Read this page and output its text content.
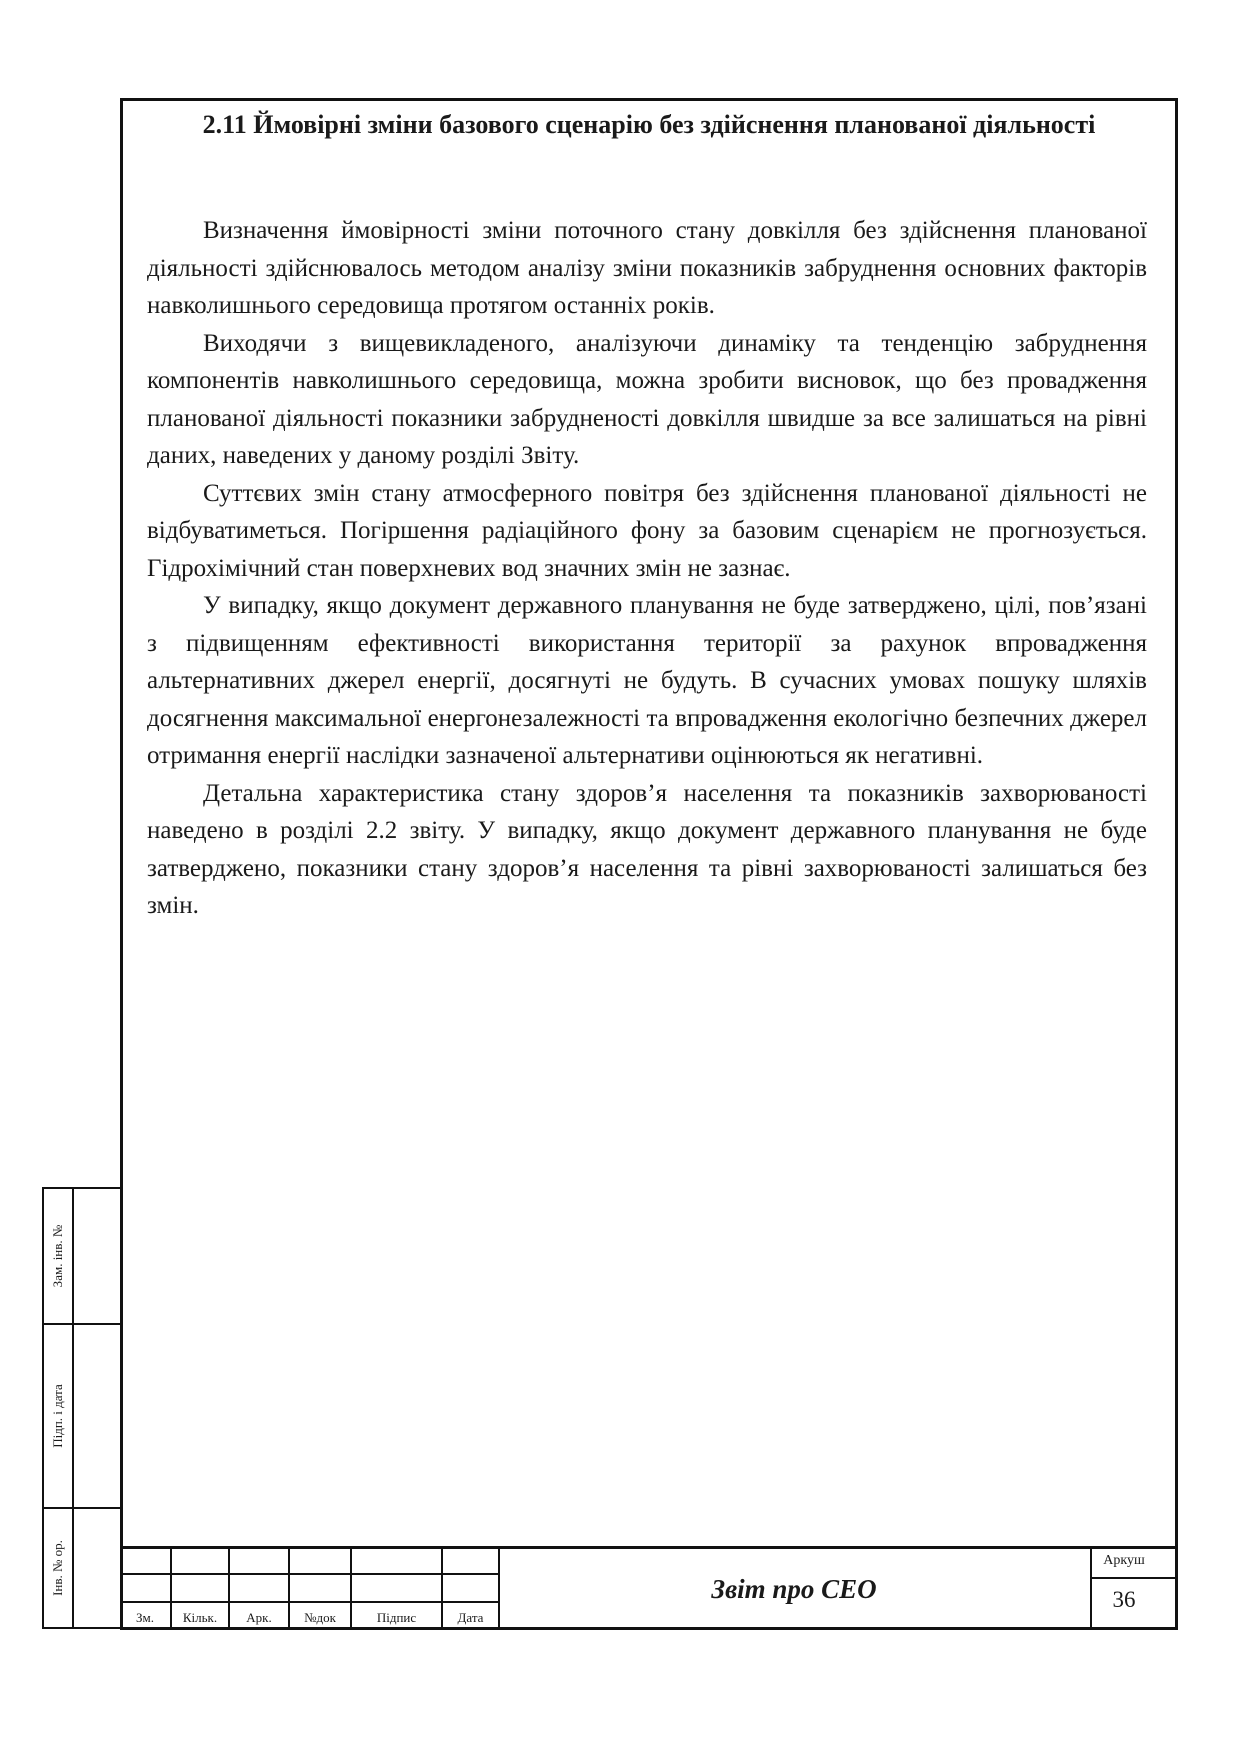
2.11 Ймовірні зміни базового сценарію без здійснення планованої діяльності

Визначення ймовірності зміни поточного стану довкілля без здійснення планованої діяльності здійснювалось методом аналізу зміни показників забруднення основних факторів навколишнього середовища протягом останніх років.

Виходячи з вищевикладеного, аналізуючи динаміку та тенденцію забруднення компонентів навколишнього середовища, можна зробити висновок, що без провадження планованої діяльності показники забрудненості довкілля швидше за все залишаться на рівні даних, наведених у даному розділі Звіту.

Суттєвих змін стану атмосферного повітря без здійснення планованої діяльності не відбуватиметься. Погіршення радіаційного фону за базовим сценарієм не прогнозується. Гідрохімічний стан поверхневих вод значних змін не зазнає.

У випадку, якщо документ державного планування не буде затверджено, цілі, пов’язані з підвищенням ефективності використання території за рахунок впровадження альтернативних джерел енергії, досягнуті не будуть. В сучасних умовах пошуку шляхів досягнення максимальної енергонезалежності та впровадження екологічно безпечних джерел отримання енергії наслідки зазначеної альтернативи оцінюються як негативні.

Детальна характеристика стану здоров’я населення та показників захворюваності наведено в розділі 2.2 звіту. У випадку, якщо документ державного планування не буде затверджено, показники стану здоров’я населення та рівні захворюваності залишаться без змін.

Зам. інв. №
Підп. і дата
Інв. № ор.
Зм.	Кільк.	Арк.	№док	Підпис	Дата
Звіт про СЕО
Аркуш
36
